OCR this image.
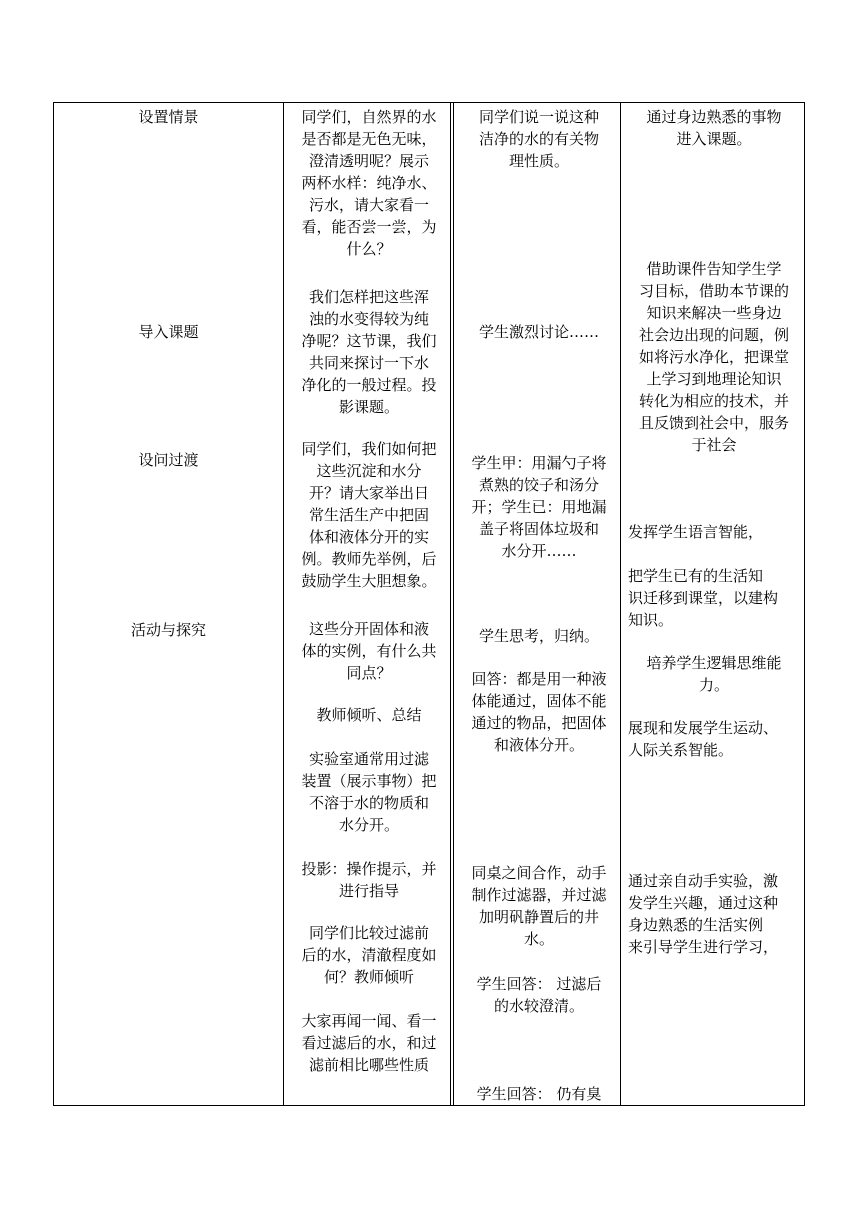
设置情景
导入课题
设问过渡
活动与探究
同学们，自然界的水
是否都是无色无味，
澄清透明呢？展示
两杯水样：纯净水、
污水，请大家看一
看，能否尝一尝，为
什么？
我们怎样把这些浑
浊的水变得较为纯
净呢？这节课，我们
共同来探讨一下水
净化的一般过程。投
影课题。
同学们，我们如何把
这些沉淀和水分
开？请大家举出日
常生活生产中把固
体和液体分开的实
例。教师先举例，后
鼓励学生大胆想象。
这些分开固体和液
体的实例，有什么共
同点？
教师倾听、总结
实验室通常用过滤
装置（展示事物）把
不溶于水的物质和
水分开。
投影：操作提示，并
进行指导
同学们比较过滤前
后的水，清澈程度如
何？教师倾听
大家再闻一闻、看一
看过滤后的水，和过
滤前相比哪些性质
同学们说一说这种
洁净的水的有关物
理性质。
学生激烈讨论……
学生甲：用漏勺子将
煮熟的饺子和汤分
开；学生已：用地漏
盖子将固体垃圾和
水分开……
学生思考，归纳。
回答：都是用一种液
体能通过，固体不能
通过的物品，把固体
和液体分开。
同桌之间合作，动手
制作过滤器，并过滤
加明矾静置后的井
水。
学生回答： 过滤后
的水较澄清。
学生回答： 仍有臭
通过身边熟悉的事物
进入课题。
借助课件告知学生学
习目标，借助本节课的
知识来解决一些身边
社会边出现的问题，例
如将污水净化，把课堂
上学习到地理论知识
转化为相应的技术，并
且反馈到社会中，服务
于社会
发挥学生语言智能，
把学生已有的生活知
识迁移到课堂，以建构
知识。
培养学生逻辑思维能
力。
展现和发展学生运动、
人际关系智能。
通过亲自动手实验，激
发学生兴趣，通过这种
身边熟悉的生活实例
来引导学生进行学习，
